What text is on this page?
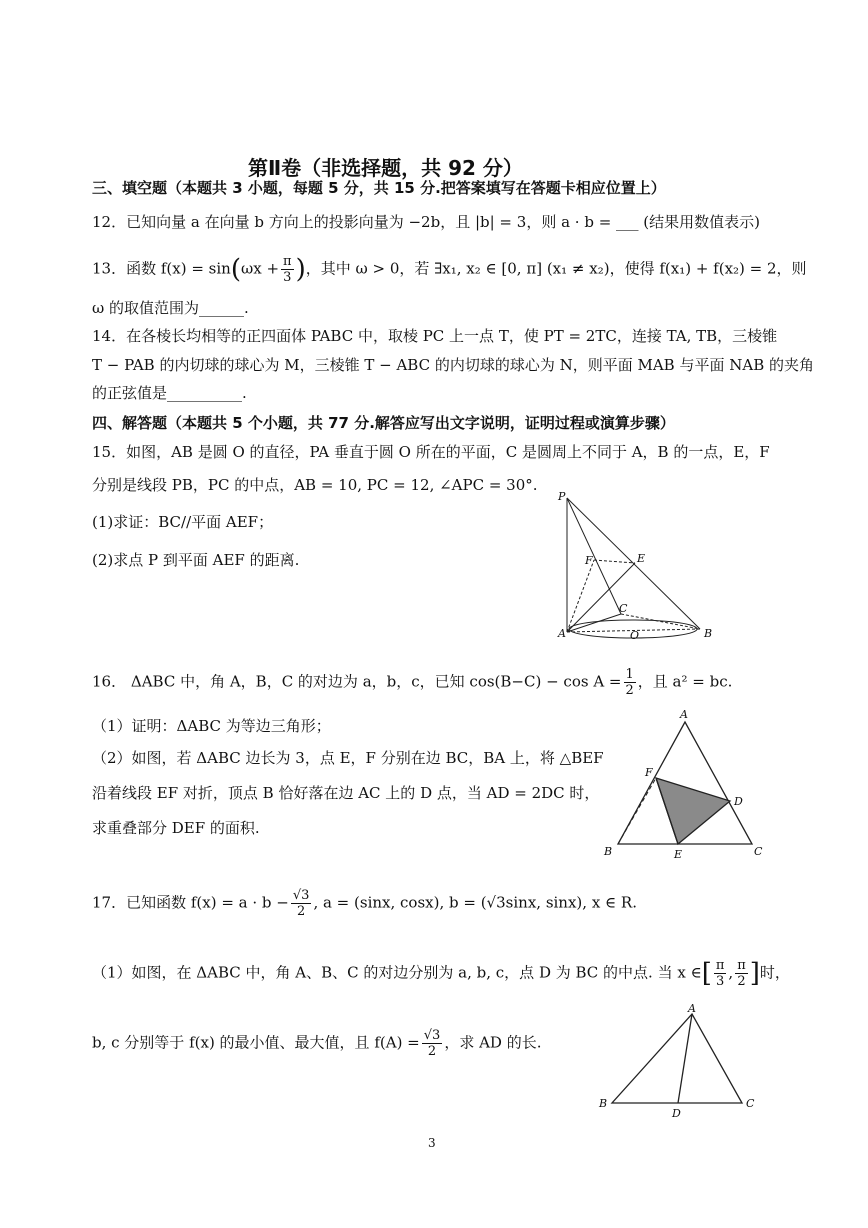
第Ⅱ卷（非选择题，共 92 分）
三、填空题（本题共 3 小题，每题 5 分，共 15 分.把答案填写在答题卡相应位置上）
12．已知向量 a 在向量 b 方向上的投影向量为 −2b，且 |b| = 3，则 a · b = ___ (结果用数值表示)
13．函数 $f(x) = \sin(\omega x + \frac{\pi}{3}$ )，其中 ω > 0，若 ∃x₁, x₂ ∈ [0, π] (x₁ ≠ x₂)，使得 f(x₁) + f(x₂) = 2，则
ω 的取值范围为______.
14．在各棱长均相等的正四面体 PABC 中，取棱 PC 上一点 T，使 PT = 2TC，连接 TA, TB，三棱锥
T − PAB 的内切球的球心为 M，三棱锥 T − ABC 的内切球的球心为 N，则平面 MAB 与平面 NAB 的夹角
的正弦值是__________.
四、解答题（本题共 5 个小题，共 77 分.解答应写出文字说明，证明过程或演算步骤）
15．如图，AB 是圆 O 的直径，PA 垂直于圆 O 所在的平面，C 是圆周上不同于 A，B 的一点，E，F
分别是线段 PB，PC 的中点，AB = 10, PC = 12, ∠APC = 30°.
(1)求证：BC//平面 AEF；
(2)求点 P 到平面 AEF 的距离.
P
F	E
C
A	O	B
16． ΔABC 中，角 A，B，C 的对边为 a，b，c，已知 $\cos(B-C) - \cos A = \frac{1}{2}$ ，且 a² = bc.
（1）证明：ΔABC 为等边三角形；
（2）如图，若 ΔABC 边长为 3，点 E，F 分别在边 BC，BA 上，将 △BEF
沿着线段 EF 对折，顶点 B 恰好落在边 AC 上的 D 点，当 AD = 2DC 时，
求重叠部分 DEF 的面积.
A
F
D
B	E	C
17．已知函数 $f(x) = a \cdot b - \frac{√3}{2}$ , a = (sinx, cosx), b = (√3sinx, sinx), x ∈ R.
（1）如图，在 ΔABC 中，角 A、B、C 的对边分别为 a, b, c，点 D 为 BC 的中点. 当 x ∈[ $\frac{\pi}{3}$ , $\frac{\pi}{2}$ ]时，
b, c 分别等于 f(x) 的最小值、最大值，且 $f(A) = \frac{√3}{2}$ ，求 AD 的长.
A
B
D
C
3
